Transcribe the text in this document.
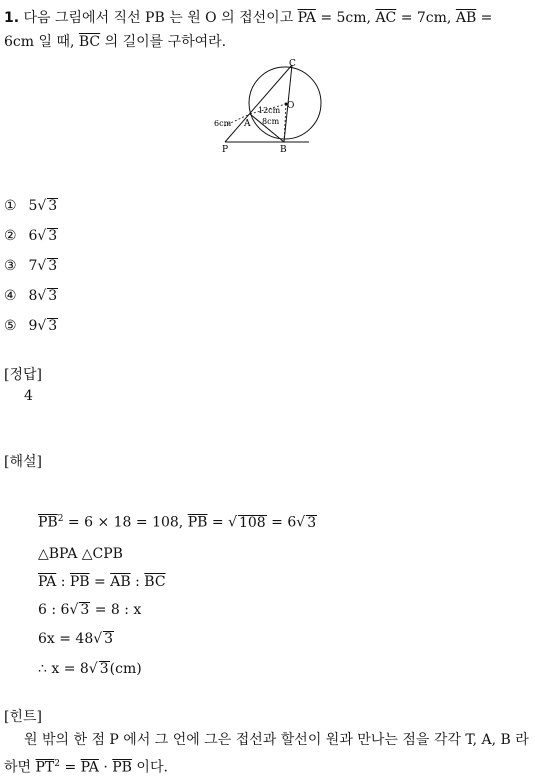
1. 다음 그림에서 직선 PB 는 원 O 의 접선이고 $\overline{PA} = 5cm$, $\overline{AC} = 7cm$, $\overline{AB}$ =
6cm 일 때, $\overline{BC}$ 의 길이를 구하여라.
C
O
A
B
P
6cm
12cm
8cm
① 5√ 3
② 6√ 3
③ 7√ 3
④ 8√ 3
⑤ 9√ 3
[정답]
4
[해설]
$\overline{PB}^2 = 6 \times 18 = 108$, $\overline{PB}$ = √ 108 = 6√ 3
△BPA △CPB
$\overline{PA}$ : $\overline{PB} = \overline{AB}$ : $\overline{BC}$
6 : 6√ 3 = 8 : x
6x = 48√ 3
∴ x = 8√ 3(cm)
[힌트]
원 밖의 한 점 P 에서 그 언에 그은 접선과 할선이 원과 만나는 점을 각각 T, A, B 라 하면 $\overline{PT}^2 = \overline{PA} \cdot \overline{PB}$ 이다.
